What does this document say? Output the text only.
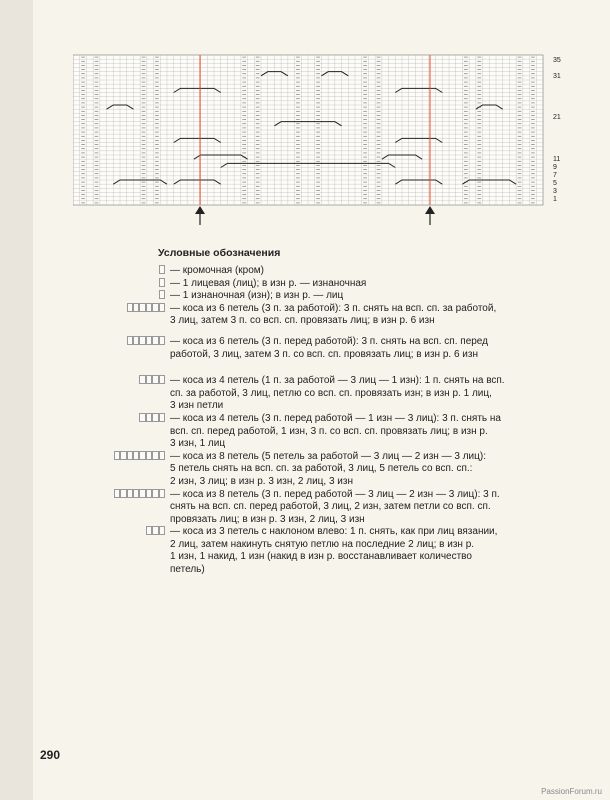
35
31
21
11
9
7
5
3
1

Условные обозначения

— кромочная (кром)
— 1 лицевая (лиц); в изн р. — изнаночная
— 1 изнаночная (изн); в изн р. — лиц
— коса из 6 петель (3 п. за работой): 3 п. снять на всп. сп. за работой,
3 лиц, затем 3 п. со всп. сп. провязать лиц; в изн р. 6 изн
— коса из 6 петель (3 п. перед работой): 3 п. снять на всп. сп. перед
работой, 3 лиц, затем 3 п. со всп. сп. провязать лиц; в изн р. 6 изн
— коса из 4 петель (1 п. за работой — 3 лиц — 1 изн): 1 п. снять на всп.
сп. за работой, 3 лиц, петлю со всп. сп. провязать изн; в изн р. 1 лиц,
3 изн петли
— коса из 4 петель (3 п. перед работой — 1 изн — 3 лиц): 3 п. снять на
всп. сп. перед работой, 1 изн, 3 п. со всп. сп. провязать лиц; в изн р.
3 изн, 1 лиц
— коса из 8 петель (5 петель за работой — 3 лиц — 2 изн — 3 лиц):
5 петель снять на всп. сп. за работой, 3 лиц, 5 петель со всп. сп.:
2 изн, 3 лиц; в изн р. 3 изн, 2 лиц, 3 изн
— коса из 8 петель (3 п. перед работой — 3 лиц — 2 изн — 3 лиц): 3 п.
снять на всп. сп. перед работой, 3 лиц, 2 изн, затем петли со всп. сп.
провязать лиц; в изн р. 3 изн, 2 лиц, 3 изн
— коса из 3 петель с наклоном влево: 1 п. снять, как при лиц вязании,
2 лиц, затем накинуть снятую петлю на последние 2 лиц; в изн р.
1 изн, 1 накид, 1 изн (накид в изн р. восстанавливает количество
петель)

290

PassionForum.ru
